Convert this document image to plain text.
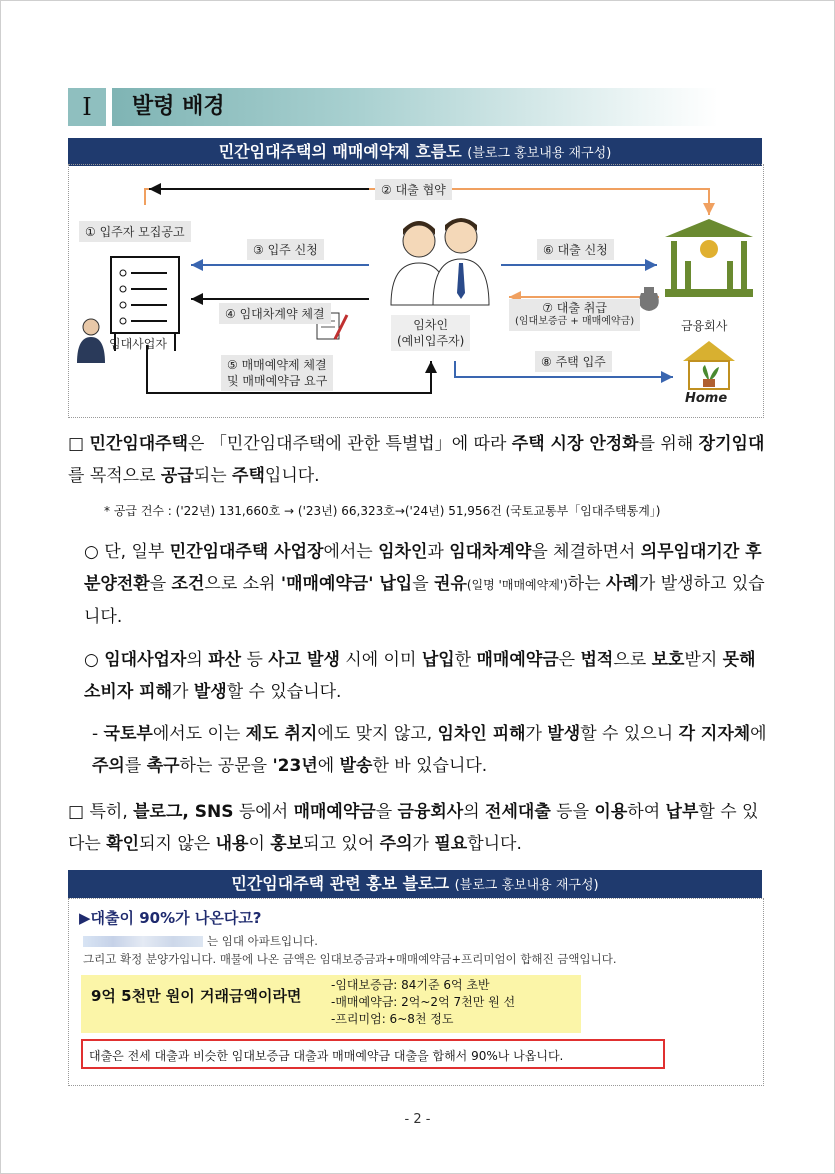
Ⅰ	발령 배경
민간임대주택의 매매예약제 흐름도 (블로그 홍보내용 재구성)
① 입주자 모집공고
② 대출 협약
③ 입주 신청
④ 임대차계약 체결
⑤ 매매예약제 체결
및 매매예약금 요구
⑥ 대출 신청
⑦ 대출 취급
(임대보증금 + 매매예약금)
⑧ 주택 입주
임대사업자
임차인
(예비입주자)
금융회사
Home
□ 민간임대주택은 「민간임대주택에 관한 특별법」에 따라 주택 시장 안정화를 위해 장기임대를 목적으로 공급되는 주택입니다.
* 공급 건수 : ('22년) 131,660호 → ('23년) 66,323호→('24년) 51,956건 (국토교통부「임대주택통계」)
○ 단, 일부 민간임대주택 사업장에서는 임차인과 임대차계약을 체결하면서 의무임대기간 후 분양전환을 조건으로 소위 '매매예약금' 납입을 권유(일명 '매매예약제')하는 사례가 발생하고 있습니다.
○ 임대사업자의 파산 등 사고 발생 시에 이미 납입한 매매예약금은 법적으로 보호받지 못해 소비자 피해가 발생할 수 있습니다.
- 국토부에서도 이는 제도 취지에도 맞지 않고, 임차인 피해가 발생할 수 있으니 각 지자체에 주의를 촉구하는 공문을 '23년에 발송한 바 있습니다.
□ 특히, 블로그, SNS 등에서 매매예약금을 금융회사의 전세대출 등을 이용하여 납부할 수 있다는 확인되지 않은 내용이 홍보되고 있어 주의가 필요합니다.
민간임대주택 관련 홍보 블로그 (블로그 홍보내용 재구성)
▶대출이 90%가 나온다고?
는 임대 아파트입니다.
그리고 확정 분양가입니다. 매물에 나온 금액은 임대보증금과+매매예약금+프리미엄이 합해진 금액입니다.
9억 5천만 원이 거래금액이라면
-임대보증금: 84기준 6억 초반
-매매예약금: 2억~2억 7천만 원 선
-프리미엄: 6~8천 정도
대출은 전세 대출과 비슷한 임대보증금 대출과 매매예약금 대출을 합해서 90%나 나옵니다.
- 2 -
